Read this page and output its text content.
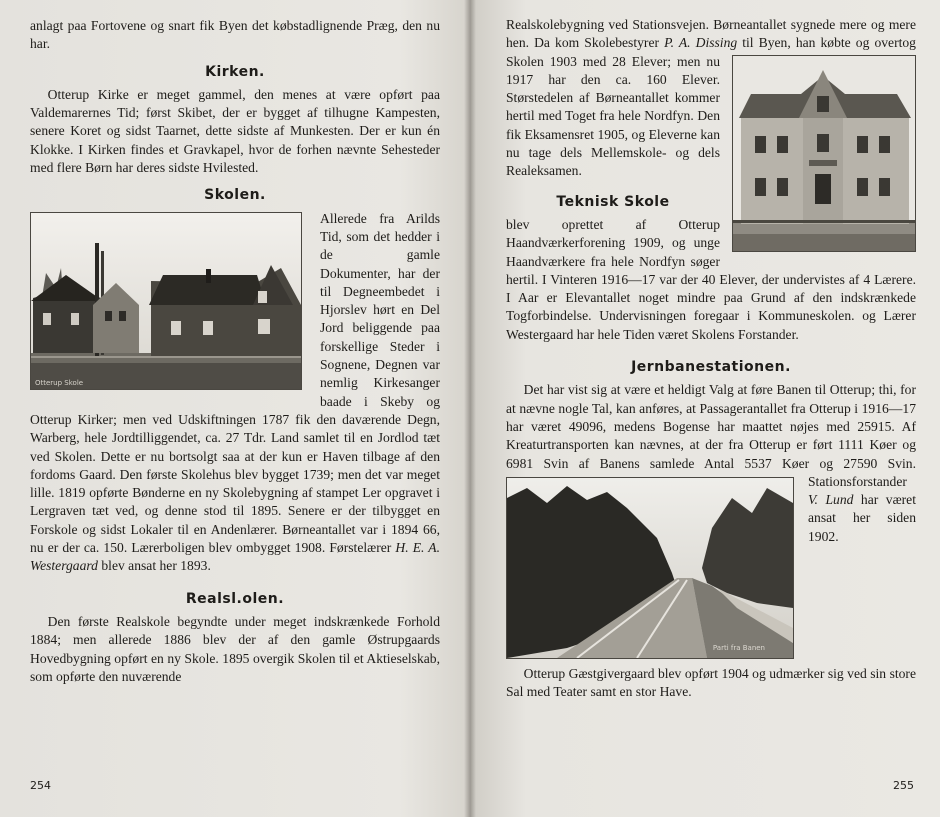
anlagt paa Fortovene og snart fik Byen det købstadlignende Præg, den nu har.

Kirken.

Otterup Kirke er meget gammel, den menes at være opført paa Valdemarernes Tid; først Skibet, der er bygget af tilhugne Kampesten, senere Koret og sidst Taarnet, dette sidste af Munkesten. Der er kun én Klokke. I Kirken findes et Gravkapel, hvor de forhen nævnte Sehesteder med flere Børn har deres sidste Hvilested.

Skolen.
Otterup Skole

Allerede fra Arilds Tid, som det hedder i de gamle Dokumenter, har der til Degneembedet i Hjorslev hørt en Del Jord beliggende paa forskellige Steder i Sognene, Degnen var nemlig Kirkesanger baade i Skeby og Otterup Kirker; men ved Udskiftningen 1787 fik den daværende Degn, Warberg, hele Jordtilliggendet, ca. 27 Tdr. Land samlet til en Jordlod tæt ved Skolen. Dette er nu bortsolgt saa at der kun er Haven tilbage af den fordoms Gaard. Den første Skolehus blev bygget 1739; men det var meget lille. 1819 opførte Bønderne en ny Skolebygning af stampet Ler opgravet i Lergraven tæt ved, og denne stod til 1895. Senere er der tilbygget en Forskole og sidst Lokaler til en Andenlærer. Børneantallet var i 1894 66, nu er der ca. 150. Lærerboligen blev ombygget 1908. Førstelærer

H. E. A. Westergaard blev ansat her 1893.
Realsl.olen.

Den første Realskole begyndte under meget indskrænkede Forhold 1884; men allerede 1886 blev der af den gamle Østrupgaards Hovedbygning opført en ny Skole. 1895 overgik Skolen til et Aktieselskab, som opførte den nuværende

254
Realskolebygning ved Stationsvejen. Børneantallet sygnede mere og mere hen. Da kom Skolebestyrer P. A. Dissing
til Byen, han købte og overtog Skolen 1903 med 28 Elever; men nu 1917 har den ca. 160 Elever. Størstedelen af Børneantallet kommer hertil med Toget fra hele Nordfyn. Den fik Eksamensret 1905, og Eleverne kan nu tage dels Mellemskole- og dels Realeksamen.
Teknisk Skole

blev oprettet af Otterup Haandværkerforening 1909, og unge Haandværkere fra hele Nordfyn søger hertil. I Vinteren 1916—17 var der 40 Elever, der undervistes af 4 Lærere. I Aar er Elevantallet noget mindre paa Grund af den indskrænkede Togforbindelse. Undervisningen foregaar i Kommuneskolen. og Lærer Westergaard har hele Tiden været Skolens Forstander.

Jernbanestationen.
Det har vist sig at være et heldigt Valg at føre Banen til Otterup; thi, for at nævne nogle Tal, kan anføres, at Passagerantallet fra Otterup i 1916—17 har været 49096, medens Bogense har maattet nøjes med 25915. Af Kreaturtransporten kan nævnes, at der fra Otterup er ført 1111 Køer og 6981 Svin af Banens samlede Antal 5537 Køer og 27590 Svin. Stationsforstander
Parti fra Banen
V. Lund har været ansat her siden 1902.

Otterup Gæstgivergaard blev opført 1904 og udmærker sig ved sin store Sal med Teater samt en stor Have.

255
